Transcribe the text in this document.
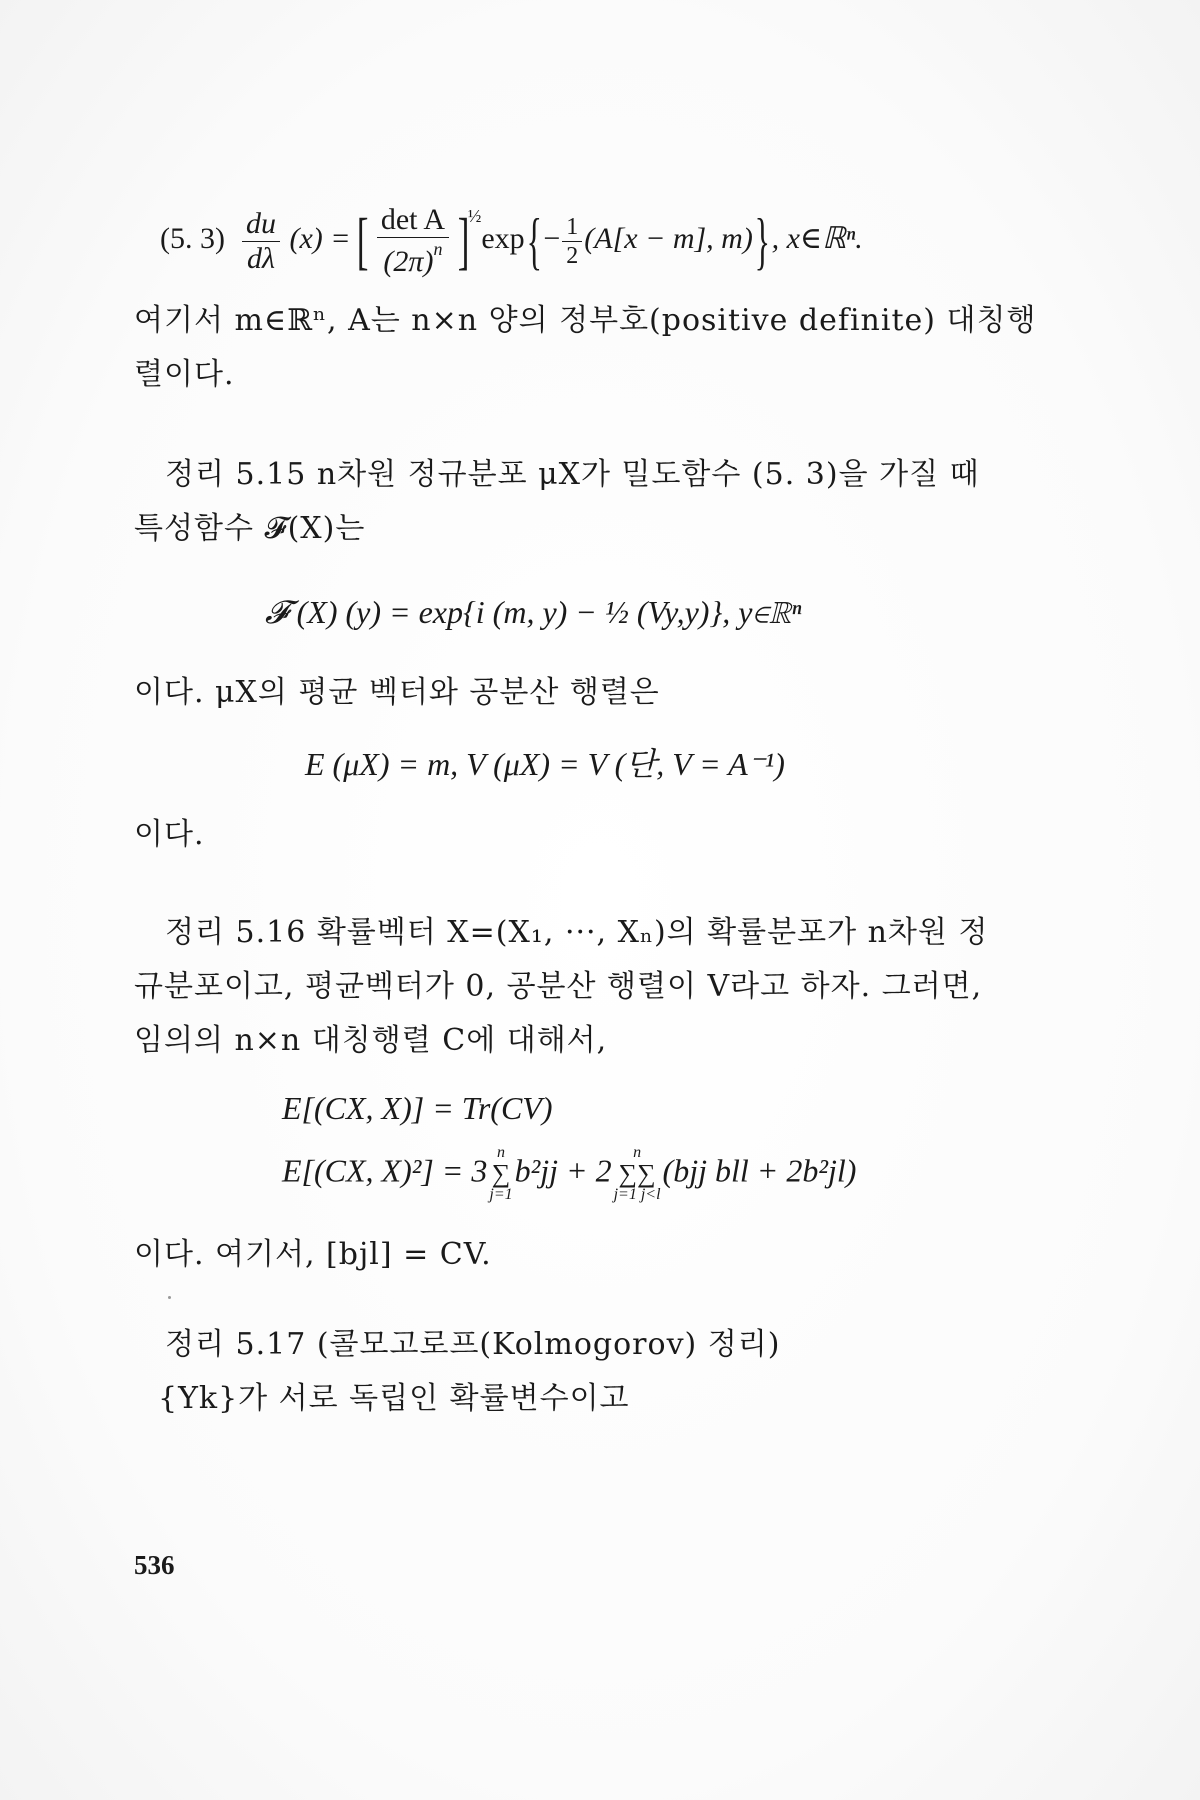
(5. $3) \frac{du}{d\lambda} (x)$ = [ $\frac{\text{det A}}{(2\pi)^n} ]^{\frac{1}{2}}\exp\{- \frac{1}{2} (A[x - m]$, m)}, x∈ℝⁿ.
여기서 m∈ℝⁿ, A는 n×n 양의 정부호(positive definite) 대칭행
렬이다.
정리 5.15 n차원 정규분포 μX가 밀도함수 (5. 3)을 가질 때
특성함수 𝓕(X)는
𝓕 (X) (y) = exp{i (m, y) − ½ (Vy,y)}, y∈ℝⁿ
이다. μX의 평균 벡터와 공분산 행렬은
E (μX) = m, V (μX) = V (단, V = A⁻¹)
이다.
정리 5.16 확률벡터 X=(X₁, ···, Xₙ)의 확률분포가 n차원 정
규분포이고, 평균벡터가 0, 공분산 행렬이 V라고 하자. 그러면,
임의의 n×n 대칭행렬 C에 대해서,
E[(CX, X)] = Tr(CV)
E[(CX, X)²] = 3 n
∑
j=1
b²jj + 2	n
∑∑
j=1 j<l
(bjj bll + 2b²jl)
이다. 여기서, [bjl] = CV.
정리 5.17 (콜모고로프(Kolmogorov) 정리)
{Yk}가 서로 독립인 확률변수이고
536
